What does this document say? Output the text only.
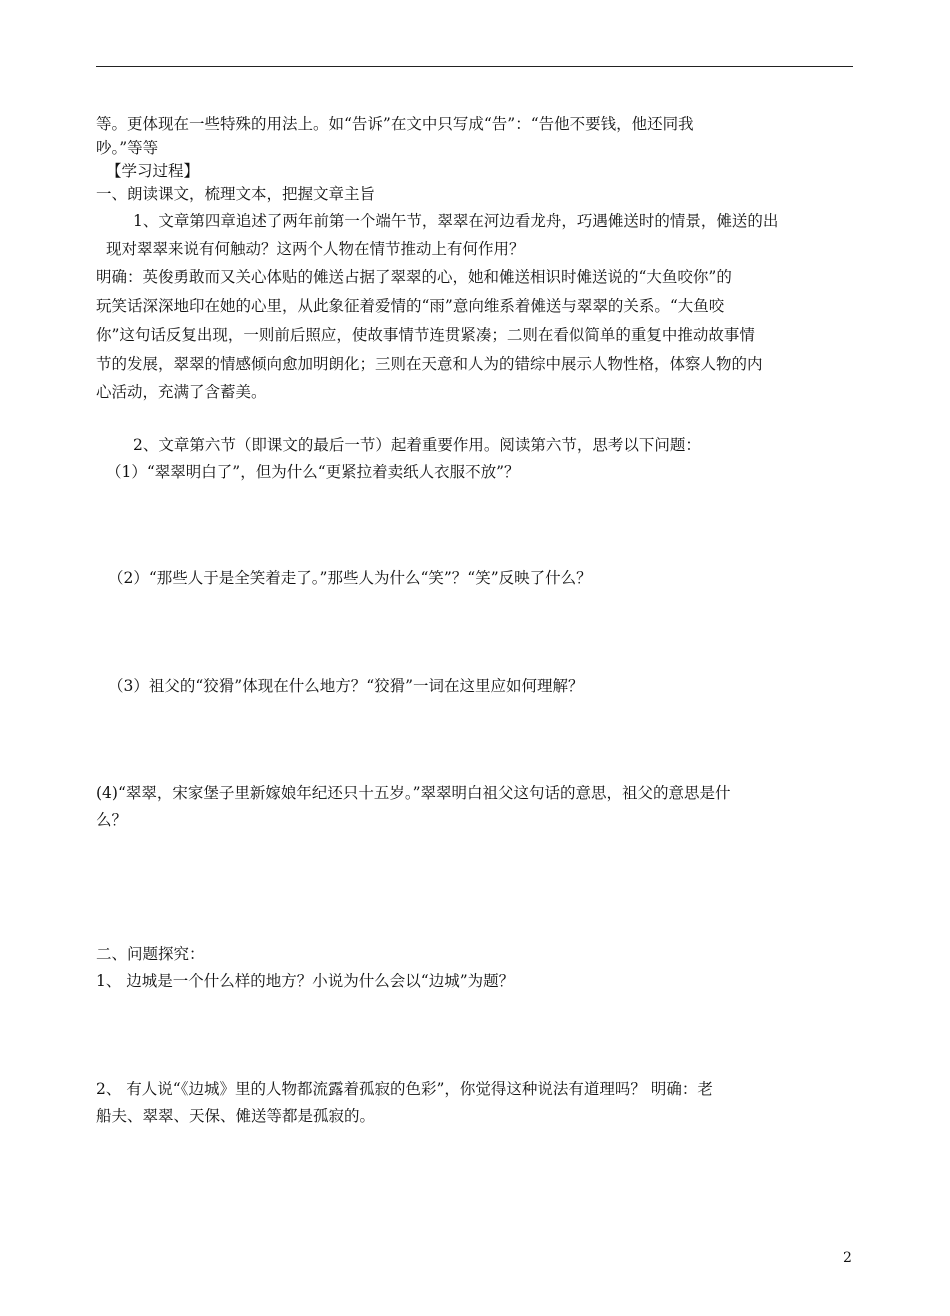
等。更体现在一些特殊的用法上。如“告诉”在文中只写成“告”：“告他不要钱，他还同我
吵。”等等
【学习过程】
一、朗读课文，梳理文本，把握文章主旨
1、文章第四章追述了两年前第一个端午节，翠翠在河边看龙舟，巧遇傩送时的情景，傩送的出
现对翠翠来说有何触动？这两个人物在情节推动上有何作用？
明确：英俊勇敢而又关心体贴的傩送占据了翠翠的心，她和傩送相识时傩送说的“大鱼咬你”的
玩笑话深深地印在她的心里，从此象征着爱情的“雨”意向维系着傩送与翠翠的关系。“大鱼咬
你”这句话反复出现，一则前后照应，使故事情节连贯紧凑；二则在看似简单的重复中推动故事情
节的发展，翠翠的情感倾向愈加明朗化；三则在天意和人为的错综中展示人物性格，体察人物的内
心活动，充满了含蓄美。
2、文章第六节（即课文的最后一节）起着重要作用。阅读第六节，思考以下问题：
（1）“翠翠明白了”，但为什么“更紧拉着卖纸人衣服不放”？
（2）“那些人于是全笑着走了。”那些人为什么“笑”？“笑”反映了什么？
（3）祖父的“狡猾”体现在什么地方？“狡猾”一词在这里应如何理解？
(4)“翠翠，宋家堡子里新嫁娘年纪还只十五岁。”翠翠明白祖父这句话的意思，祖父的意思是什
么？
二、问题探究：
1、 边城是一个什么样的地方？小说为什么会以“边城”为题？
2、 有人说“《边城》里的人物都流露着孤寂的色彩”，你觉得这种说法有道理吗？ 明确：老
船夫、翠翠、天保、傩送等都是孤寂的。
2
